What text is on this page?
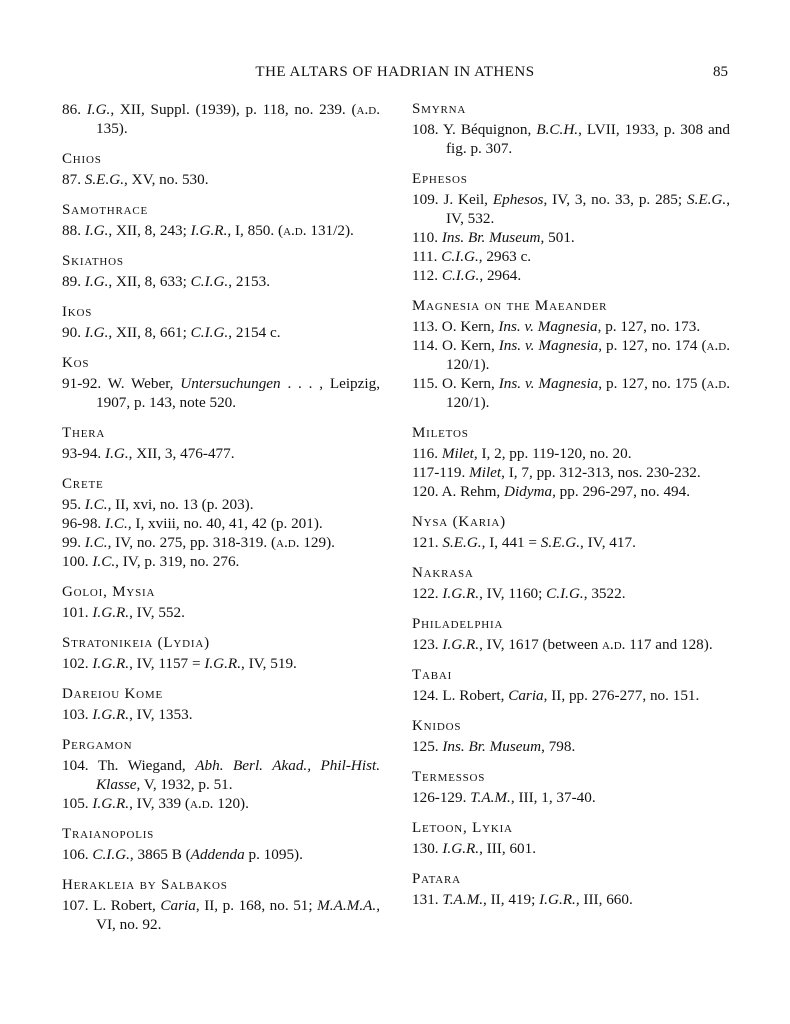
THE ALTARS OF HADRIAN IN ATHENS	85
86. I.G., XII, Suppl. (1939), p. 118, no. 239. (a.d. 135).
Chios
87. S.E.G., XV, no. 530.
Samothrace
88. I.G., XII, 8, 243; I.G.R., I, 850. (a.d. 131/2).
Skiathos
89. I.G., XII, 8, 633; C.I.G., 2153.
Ikos
90. I.G., XII, 8, 661; C.I.G., 2154 c.
Kos
91-92. W. Weber, Untersuchungen . . . , Leipzig, 1907, p. 143, note 520.
Thera
93-94. I.G., XII, 3, 476-477.
Crete
95. I.C., II, xvi, no. 13 (p. 203).
96-98. I.C., I, xviii, no. 40, 41, 42 (p. 201).
99. I.C., IV, no. 275, pp. 318-319. (a.d. 129).
100. I.C., IV, p. 319, no. 276.
Goloi, Mysia
101. I.G.R., IV, 552.
Stratonikeia (Lydia)
102. I.G.R., IV, 1157 = I.G.R., IV, 519.
Dareiou Kome
103. I.G.R., IV, 1353.
Pergamon
104. Th. Wiegand, Abh. Berl. Akad., Phil-Hist. Klasse, V, 1932, p. 51.
105. I.G.R., IV, 339 (a.d. 120).
Traianopolis
106. C.I.G., 3865 B (Addenda p. 1095).
Herakleia by Salbakos
107. L. Robert, Caria, II, p. 168, no. 51; M.A.M.A., VI, no. 92.
Smyrna
108. Y. Béquignon, B.C.H., LVII, 1933, p. 308 and fig. p. 307.
Ephesos
109. J. Keil, Ephesos, IV, 3, no. 33, p. 285; S.E.G., IV, 532.
110. Ins. Br. Museum, 501.
111. C.I.G., 2963 c.
112. C.I.G., 2964.
Magnesia on the Maeander
113. O. Kern, Ins. v. Magnesia, p. 127, no. 173.
114. O. Kern, Ins. v. Magnesia, p. 127, no. 174 (a.d. 120/1).
115. O. Kern, Ins. v. Magnesia, p. 127, no. 175 (a.d. 120/1).
Miletos
116. Milet, I, 2, pp. 119-120, no. 20.
117-119. Milet, I, 7, pp. 312-313, nos. 230-232.
120. A. Rehm, Didyma, pp. 296-297, no. 494.
Nysa (Karia)
121. S.E.G., I, 441 = S.E.G., IV, 417.
Nakrasa
122. I.G.R., IV, 1160; C.I.G., 3522.
Philadelphia
123. I.G.R., IV, 1617 (between a.d. 117 and 128).
Tabai
124. L. Robert, Caria, II, pp. 276-277, no. 151.
Knidos
125. Ins. Br. Museum, 798.
Termessos
126-129. T.A.M., III, 1, 37-40.
Letoon, Lykia
130. I.G.R., III, 601.
Patara
131. T.A.M., II, 419; I.G.R., III, 660.
